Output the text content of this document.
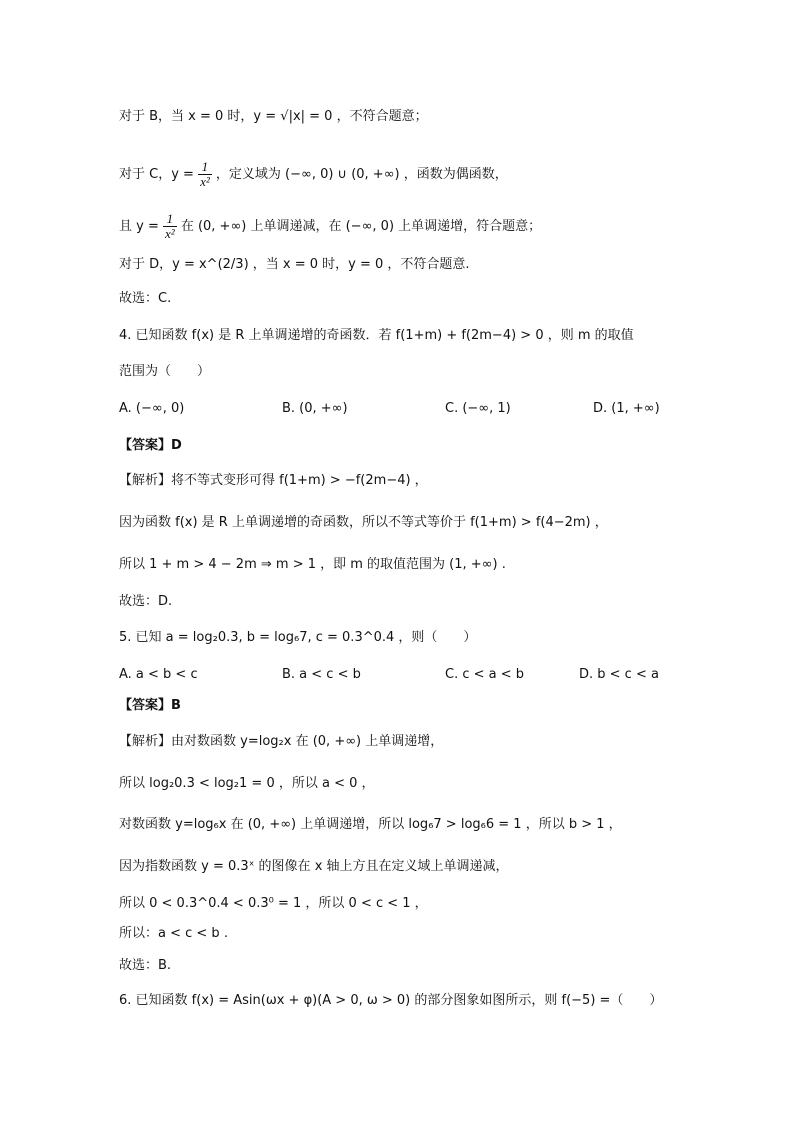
对于 B，当 x = 0 时，y = √|x| = 0 ，不符合题意；
对于 C，$y = \frac{1}{\text{x²}}$ ，定义域为 (−∞, 0) ∪ (0, +∞) ，函数为偶函数，
且 $y = \frac{1}{\text{x²}}$ 在 (0, +∞) 上单调递减，在 (−∞, 0) 上单调递增，符合题意；
对于 D，y = x^(2/3) ，当 x = 0 时，y = 0 ，不符合题意.
故选：C.
4. 已知函数 f(x) 是 R 上单调递增的奇函数．若 f(1+m) + f(2m−4) > 0 ，则 m 的取值
范围为（　　）
A. (−∞, 0)	B. (0, +∞)	C. (−∞, 1)	D. (1, +∞)
【答案】D
【解析】将不等式变形可得 f(1+m) > −f(2m−4) ，
因为函数 f(x) 是 R 上单调递增的奇函数，所以不等式等价于 f(1+m) > f(4−2m) ，
所以 1 + m > 4 − 2m ⇒ m > 1 ，即 m 的取值范围为 (1, +∞) .
故选：D.
5. 已知 a = log₂0.3, b = log₆7, c = 0.3^0.4 ，则（　　）
A. a < b < c	B. a < c < b	C. c < a < b	D. b < c < a
【答案】B
【解析】由对数函数 y=log₂x 在 (0, +∞) 上单调递增，
所以 log₂0.3 < log₂1 = 0 ，所以 a < 0 ，
对数函数 y=log₆x 在 (0, +∞) 上单调递增，所以 log₆7 > log₆6 = 1 ，所以 b > 1 ，
因为指数函数 y = 0.3ˣ 的图像在 x 轴上方且在定义域上单调递减，
所以 0 < 0.3^0.4 < 0.3⁰ = 1 ，所以 0 < c < 1 ，
所以：a < c < b .
故选：B.
6. 已知函数 f(x) = Asin(ωx + φ)(A > 0, ω > 0) 的部分图象如图所示，则 f(−5) =（　　）
